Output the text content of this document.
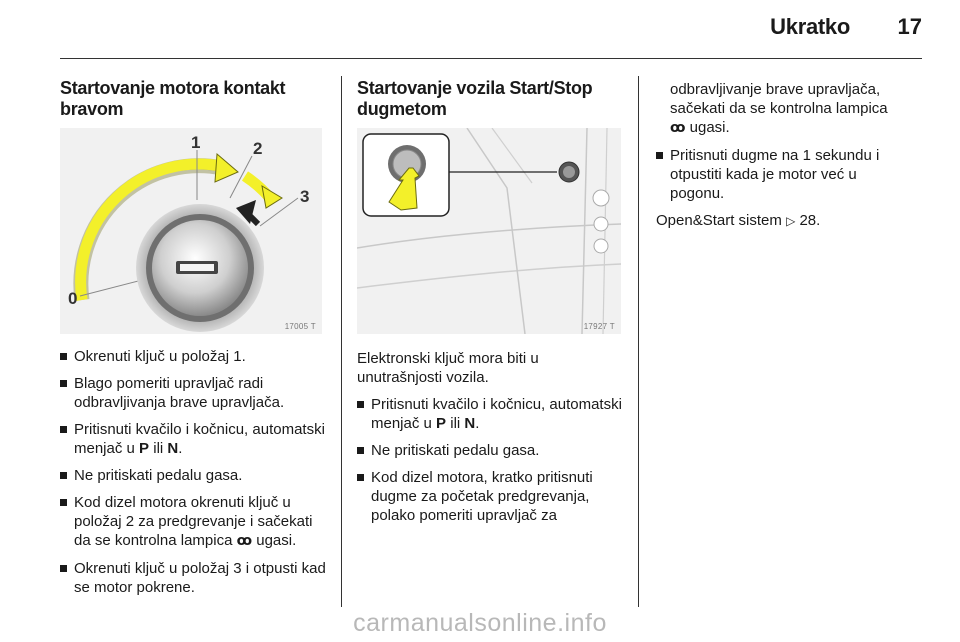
Ukratko	17
Startovanje motora kontakt bravom
1	2
3
0
17005 T

Okrenuti ključ u položaj 1.

Blago pomeriti upravljač radi odbravljivanja brave upravljača.

Pritisnuti kvačilo i kočnicu, automatski menjač u P ili N.

Ne pritiskati pedalu gasa.

Kod dizel motora okrenuti ključ u položaj 2 za predgrevanje i sačekati da se kontrolna lampica ꝏ ugasi.

Okrenuti ključ u položaj 3 i otpusti kad se motor pokrene.

Startovanje vozila Start/Stop dugmetom
17927 T

Elektronski ključ mora biti u unutrašnjosti vozila.

Pritisnuti kvačilo i kočnicu, automatski menjač u P ili N.

Ne pritiskati pedalu gasa.

Kod dizel motora, kratko pritisnuti dugme za početak predgrevanja, polako pomeriti upravljač za

odbravljivanje brave upravljača, sačekati da se kontrolna lampica ꝏ ugasi.

Pritisnuti dugme na 1 sekundu i otpustiti kada je motor već u pogonu.

Open&Start sistem ▷ 28.

carmanualsonline.info
